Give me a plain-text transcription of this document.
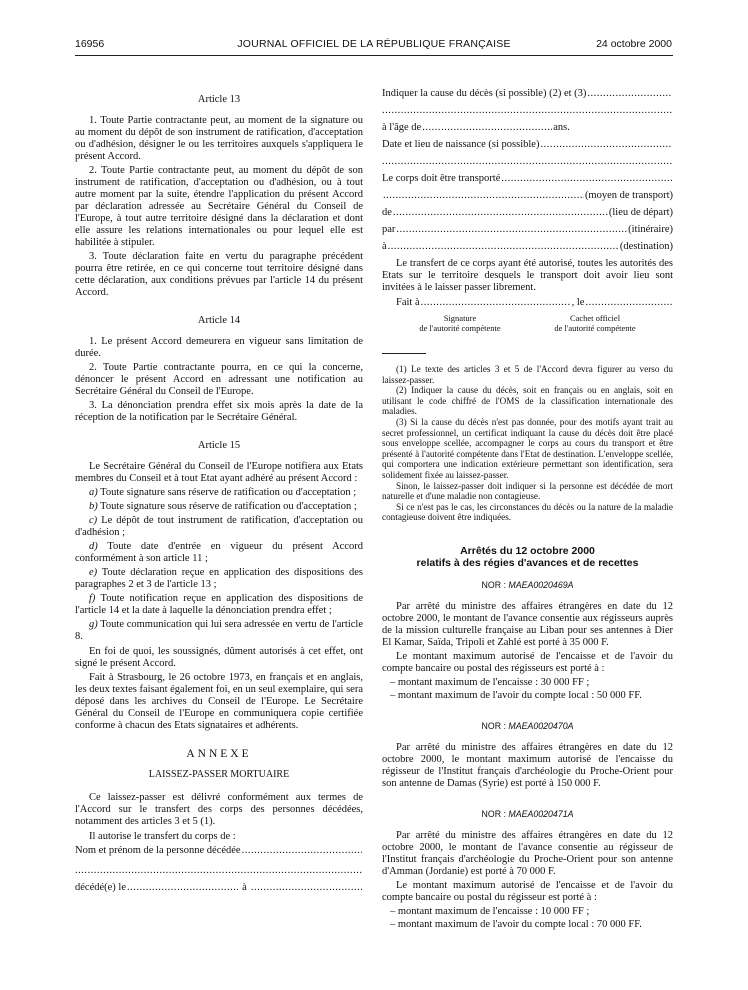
16956	JOURNAL OFFICIEL DE LA RÉPUBLIQUE FRANÇAISE	24 octobre 2000

Article 13

1. Toute Partie contractante peut, au moment de la signature ou au moment du dépôt de son instrument de ratification, d'acceptation ou d'adhésion, désigner le ou les territoires auxquels s'appliquera le présent Accord.

2. Toute Partie contractante peut, au moment du dépôt de son instrument de ratification, d'acceptation ou d'adhésion, ou à tout autre moment par la suite, étendre l'application du présent Accord par déclaration adressée au Secrétaire Général du Conseil de l'Europe, à tout autre territoire désigné dans la déclaration et dont elle assure les relations internationales ou pour lequel elle est habilitée à stipuler.

3. Toute déclaration faite en vertu du paragraphe précédent pourra être retirée, en ce qui concerne tout territoire désigné dans cette déclaration, aux conditions prévues par l'article 14 du présent Accord.

Article 14

1. Le présent Accord demeurera en vigueur sans limitation de durée.

2. Toute Partie contractante pourra, en ce qui la concerne, dénoncer le présent Accord en adressant une notification au Secrétaire Général du Conseil de l'Europe.

3. La dénonciation prendra effet six mois après la date de la réception de la notification par le Secrétaire Général.

Article 15

Le Secrétaire Général du Conseil de l'Europe notifiera aux Etats membres du Conseil et à tout Etat ayant adhéré au présent Accord :

a) Toute signature sans réserve de ratification ou d'acceptation ;

b) Toute signature sous réserve de ratification ou d'acceptation ;

c) Le dépôt de tout instrument de ratification, d'acceptation ou d'adhésion ;

d) Toute date d'entrée en vigueur du présent Accord conformément à son article 11 ;

e) Toute déclaration reçue en application des dispositions des paragraphes 2 et 3 de l'article 13 ;

f) Toute notification reçue en application des dispositions de l'article 14 et la date à laquelle la dénonciation prendra effet ;

g) Toute communication qui lui sera adressée en vertu de l'article 8.

En foi de quoi, les soussignés, dûment autorisés à cet effet, ont signé le présent Accord.

Fait à Strasbourg, le 26 octobre 1973, en français et en anglais, les deux textes faisant également foi, en un seul exemplaire, qui sera déposé dans les archives du Conseil de l'Europe. Le Secrétaire Général du Conseil de l'Europe en communiquera copie certifiée conforme à chacun des Etats signataires et adhérents.

ANNEXE

LAISSEZ-PASSER MORTUAIRE

Ce laissez-passer est délivré conformément aux termes de l'Accord sur le transfert des corps des personnes décédées, notamment des articles 3 et 5 (1).

Il autorise le transfert du corps de :

Nom et prénom de la personne décédée
.....
.....
décédé(e) le .....	à
.....
Indiquer la cause du décès (si possible) (2) et (3)
.....
.....
à l'âge de .....	ans.
Date et lieu de naissance (si possible)
.....
.....
Le corps doit être transporté
.....
.....
(moyen de transport)
de .....	(lieu de départ)
par .....	(itinéraire)
à .....	(destination)

Le transfert de ce corps ayant été autorisé, toutes les autorités des Etats sur le territoire desquels le transport doit avoir lieu sont invitées à le laisser passer librement.

Fait à .....	, le
.....
Signature
de l'autorité compétente
Cachet officiel
de l'autorité compétente

(1) Le texte des articles 3 et 5 de l'Accord devra figurer au verso du laissez-passer.

(2) Indiquer la cause du décès, soit en français ou en anglais, soit en utilisant le code chiffré de l'OMS de la classification internationale des maladies.

(3) Si la cause du décès n'est pas donnée, pour des motifs ayant trait au secret professionnel, un certificat indiquant la cause du décès doit être placé sous enveloppe scellée, accompagner le corps au cours du transport et être présenté à l'autorité compétente dans l'Etat de destination. L'enveloppe scellée, qui comportera une indication extérieure permettant son identification, sera solidement fixée au laissez-passer.

Sinon, le laissez-passer doit indiquer si la personne est décédée de mort naturelle et d'une maladie non contagieuse.

Si ce n'est pas le cas, les circonstances du décès ou la nature de la maladie contagieuse doivent être indiquées.

Arrêtés du 12 octobre 2000
relatifs à des régies d'avances et de recettes

NOR : MAEA0020469A

Par arrêté du ministre des affaires étrangères en date du 12 octobre 2000, le montant de l'avance consentie aux régisseurs auprès de la mission culturelle française au Liban pour ses antennes à Dier El Kamar, Saïda, Tripoli et Zahlé est porté à 35 000 F.

Le montant maximum autorisé de l'encaisse et de l'avoir du compte bancaire ou postal des régisseurs est porté à :

– montant maximum de l'encaisse : 30 000 FF ;

– montant maximum de l'avoir du compte local : 50 000 FF.

NOR : MAEA0020470A

Par arrêté du ministre des affaires étrangères en date du 12 octobre 2000, le montant maximum autorisé de l'encaisse du régisseur de l'Institut français d'archéologie du Proche-Orient pour son antenne de Damas (Syrie) est porté à 150 000 F.

NOR : MAEA0020471A

Par arrêté du ministre des affaires étrangères en date du 12 octobre 2000, le montant de l'avance consentie au régisseur de l'Institut français d'archéologie du Proche-Orient pour son antenne d'Amman (Jordanie) est porté à 70 000 F.

Le montant maximum autorisé de l'encaisse et de l'avoir du compte bancaire ou postal du régisseur est porté à :

– montant maximum de l'encaisse : 10 000 FF ;

– montant maximum de l'avoir du compte local : 70 000 FF.
